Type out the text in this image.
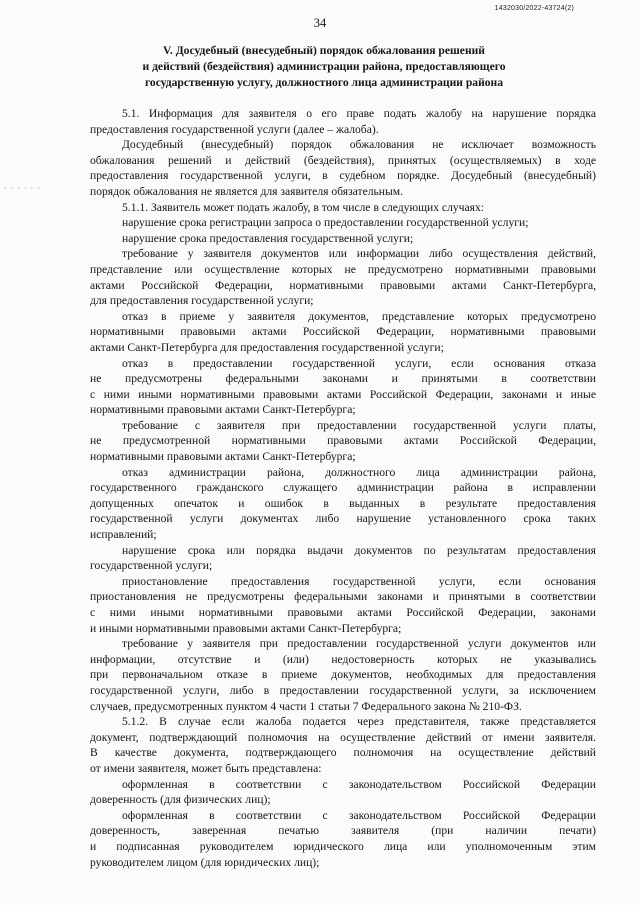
1432030/2022-43724(2)
34
· · · · · ·
V. Досудебный (внесудебный) порядок обжалования решений
и действий (бездействия) администрации района, предоставляющего
государственную услугу, должностного лица администрации района
5.1. Информация для заявителя о его праве подать жалобу на нарушение порядка
предоставления государственной услуги (далее – жалоба).
Досудебный (внесудебный) порядок обжалования не исключает возможность
обжалования решений и действий (бездействия), принятых (осуществляемых) в ходе
предоставления государственной услуги, в судебном порядке. Досудебный (внесудебный)
порядок обжалования не является для заявителя обязательным.
5.1.1. Заявитель может подать жалобу, в том числе в следующих случаях:
нарушение срока регистрации запроса о предоставлении государственной услуги;
нарушение срока предоставления государственной услуги;
требование у заявителя документов или информации либо осуществления действий,
представление или осуществление которых не предусмотрено нормативными правовыми
актами Российской Федерации, нормативными правовыми актами Санкт-Петербурга,
для предоставления государственной услуги;
отказ в приеме у заявителя документов, представление которых предусмотрено
нормативными правовыми актами Российской Федерации, нормативными правовыми
актами Санкт-Петербурга для предоставления государственной услуги;
отказ в предоставлении государственной услуги, если основания отказа
не предусмотрены федеральными законами и принятыми в соответствии
с ними иными нормативными правовыми актами Российской Федерации, законами и иные
нормативными правовыми актами Санкт-Петербурга;
требование с заявителя при предоставлении государственной услуги платы,
не предусмотренной нормативными правовыми актами Российской Федерации,
нормативными правовыми актами Санкт-Петербурга;
отказ администрации района, должностного лица администрации района,
государственного гражданского служащего администрации района в исправлении
допущенных опечаток и ошибок в выданных в результате предоставления
государственной услуги документах либо нарушение установленного срока таких
исправлений;
нарушение срока или порядка выдачи документов по результатам предоставления
государственной услуги;
приостановление предоставления государственной услуги, если основания
приостановления не предусмотрены федеральными законами и принятыми в соответствии
с ними иными нормативными правовыми актами Российской Федерации, законами
и иными нормативными правовыми актами Санкт-Петербурга;
требование у заявителя при предоставлении государственной услуги документов или
информации, отсутствие и (или) недостоверность которых не указывались
при первоначальном отказе в приеме документов, необходимых для предоставления
государственной услуги, либо в предоставлении государственной услуги, за исключением
случаев, предусмотренных пунктом 4 части 1 статьи 7 Федерального закона № 210-ФЗ.
5.1.2. В случае если жалоба подается через представителя, также представляется
документ, подтверждающий полномочия на осуществление действий от имени заявителя.
В качестве документа, подтверждающего полномочия на осуществление действий
от имени заявителя, может быть представлена:
оформленная в соответствии с законодательством Российской Федерации
доверенность (для физических лиц);
оформленная в соответствии с законодательством Российской Федерации
доверенность, заверенная печатью заявителя (при наличии печати)
и подписанная руководителем юридического лица или уполномоченным этим
руководителем лицом (для юридических лиц);
